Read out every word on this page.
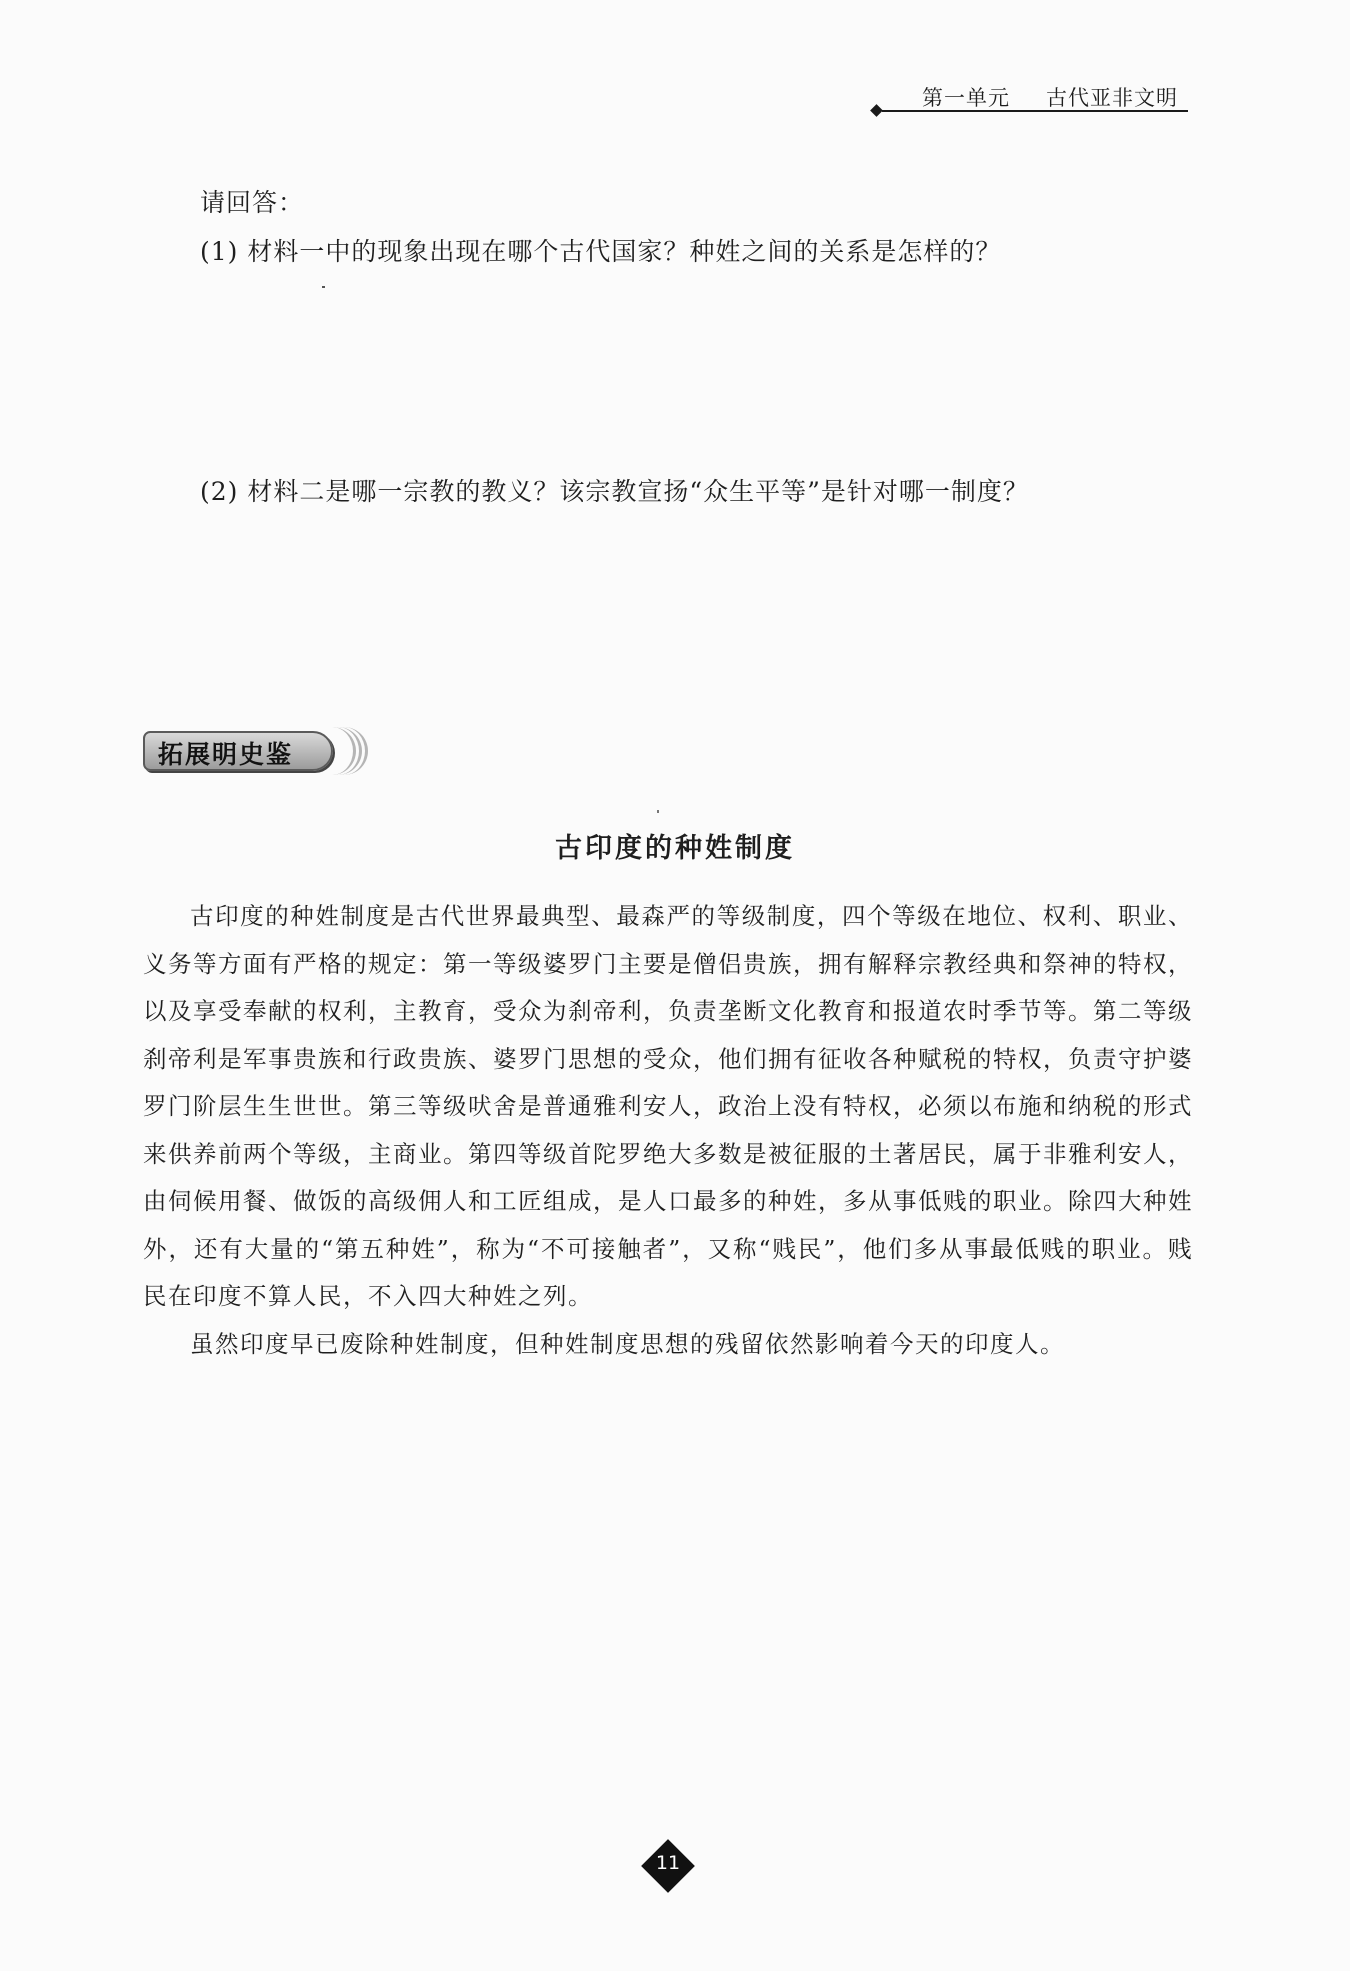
第一单元 古代亚非文明
请回答：
(1) 材料一中的现象出现在哪个古代国家？种姓之间的关系是怎样的？
(2) 材料二是哪一宗教的教义？该宗教宣扬“众生平等”是针对哪一制度？
拓展明史鉴
古印度的种姓制度

古印度的种姓制度是古代世界最典型、最森严的等级制度，四个等级在地位、权利、职业、义务等方面有严格的规定：第一等级婆罗门主要是僧侣贵族，拥有解释宗教经典和祭神的特权，以及享受奉献的权利，主教育，受众为刹帝利，负责垄断文化教育和报道农时季节等。第二等级刹帝利是军事贵族和行政贵族、婆罗门思想的受众，他们拥有征收各种赋税的特权，负责守护婆罗门阶层生生世世。第三等级吠舍是普通雅利安人，政治上没有特权，必须以布施和纳税的形式来供养前两个等级，主商业。第四等级首陀罗绝大多数是被征服的土著居民，属于非雅利安人，由伺候用餐、做饭的高级佣人和工匠组成，是人口最多的种姓，多从事低贱的职业。除四大种姓外，还有大量的“第五种姓”，称为“不可接触者”，又称“贱民”，他们多从事最低贱的职业。贱民在印度不算人民，不入四大种姓之列。

虽然印度早已废除种姓制度，但种姓制度思想的残留依然影响着今天的印度人。

11
